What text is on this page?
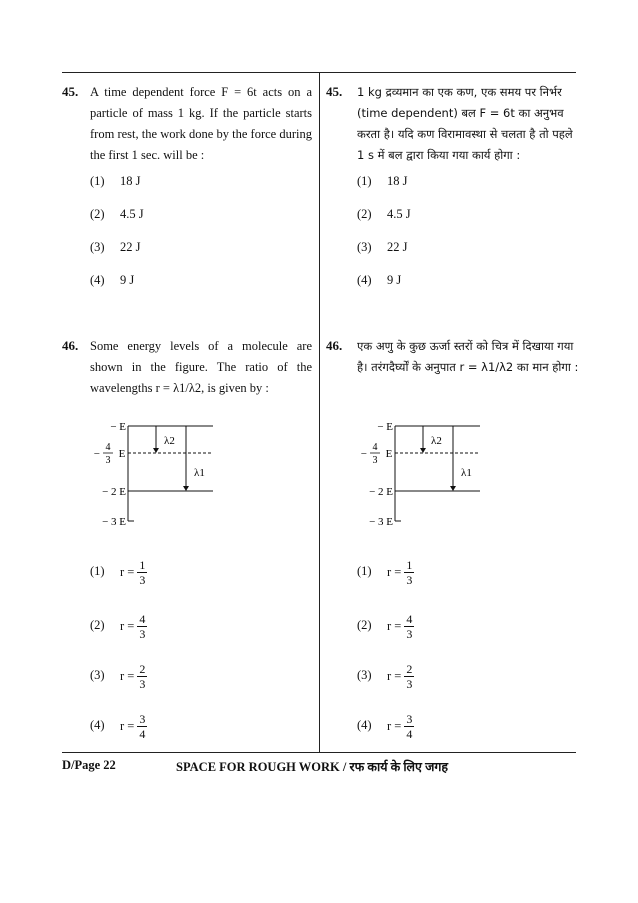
45. A time dependent force F = 6t acts on a particle of mass 1 kg. If the particle starts from rest, the work done by the force during the first 1 sec. will be :
(1) 18 J
(2) 4.5 J
(3) 22 J
(4) 9 J
45. 1 kg द्रव्यमान का एक कण, एक समय पर निर्भर (time dependent) बल F = 6t का अनुभव करता है। यदि कण विरामावस्था से चलता है तो पहले 1 s में बल द्वारा किया गया कार्य होगा :
(1) 18 J
(2) 4.5 J
(3) 22 J
(4) 9 J
46. Some energy levels of a molecule are shown in the figure. The ratio of the wavelengths r = λ1/λ2, is given by :
− E
−
4
3
E
− 2 E
− 3 E
λ2
λ1
(1) $r = \frac{1}{3}$
(2) $r = \frac{4}{3}$
(3) $r = \frac{2}{3}$
(4) $r = \frac{3}{4}$
46. एक अणु के कुछ ऊर्जा स्तरों को चित्र में दिखाया गया है। तरंगदैर्घ्यों के अनुपात r = λ1/λ2 का मान होगा :
− E
−
4
3
E
− 2 E
− 3 E
λ2
λ1
(1) $r = \frac{1}{3}$
(2) $r = \frac{4}{3}$
(3) $r = \frac{2}{3}$
(4) $r = \frac{3}{4}$
D/Page 22	SPACE FOR ROUGH WORK / रफ कार्य के लिए जगह
